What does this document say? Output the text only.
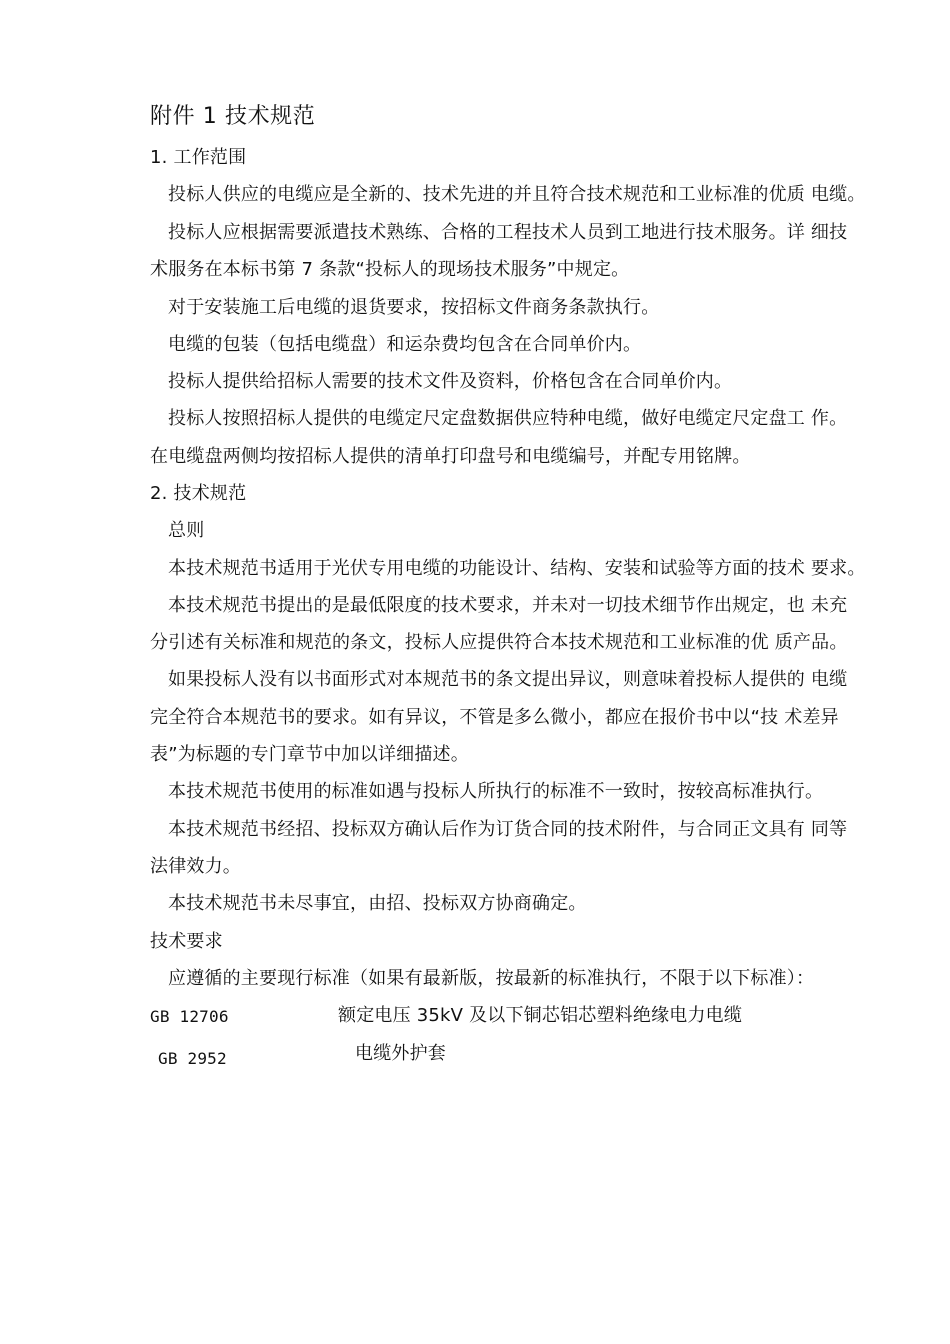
附件 1 技术规范
1. 工作范围
投标人供应的电缆应是全新的、技术先进的并且符合技术规范和工业标准的优质 电缆。
投标人应根据需要派遣技术熟练、合格的工程技术人员到工地进行技术服务。详 细技
术服务在本标书第 7 条款“投标人的现场技术服务”中规定。
对于安装施工后电缆的退货要求，按招标文件商务条款执行。
电缆的包装（包括电缆盘）和运杂费均包含在合同单价内。
投标人提供给招标人需要的技术文件及资料，价格包含在合同单价内。
投标人按照招标人提供的电缆定尺定盘数据供应特种电缆，做好电缆定尺定盘工 作。
在电缆盘两侧均按招标人提供的清单打印盘号和电缆编号，并配专用铭牌。
2. 技术规范
总则
本技术规范书适用于光伏专用电缆的功能设计、结构、安装和试验等方面的技术 要求。
本技术规范书提出的是最低限度的技术要求，并未对一切技术细节作出规定，也 未充
分引述有关标准和规范的条文，投标人应提供符合本技术规范和工业标准的优 质产品。
如果投标人没有以书面形式对本规范书的条文提出异议，则意味着投标人提供的 电缆
完全符合本规范书的要求。如有异议，不管是多么微小，都应在报价书中以“技 术差异
表”为标题的专门章节中加以详细描述。
本技术规范书使用的标准如遇与投标人所执行的标准不一致时，按较高标准执行。
本技术规范书经招、投标双方确认后作为订货合同的技术附件，与合同正文具有 同等
法律效力。
本技术规范书未尽事宜，由招、投标双方协商确定。
技术要求
应遵循的主要现行标准（如果有最新版，按最新的标准执行，不限于以下标准）：
GB 12706	额定电压 35kV 及以下铜芯铝芯塑料绝缘电力电缆
GB 2952	电缆外护套
